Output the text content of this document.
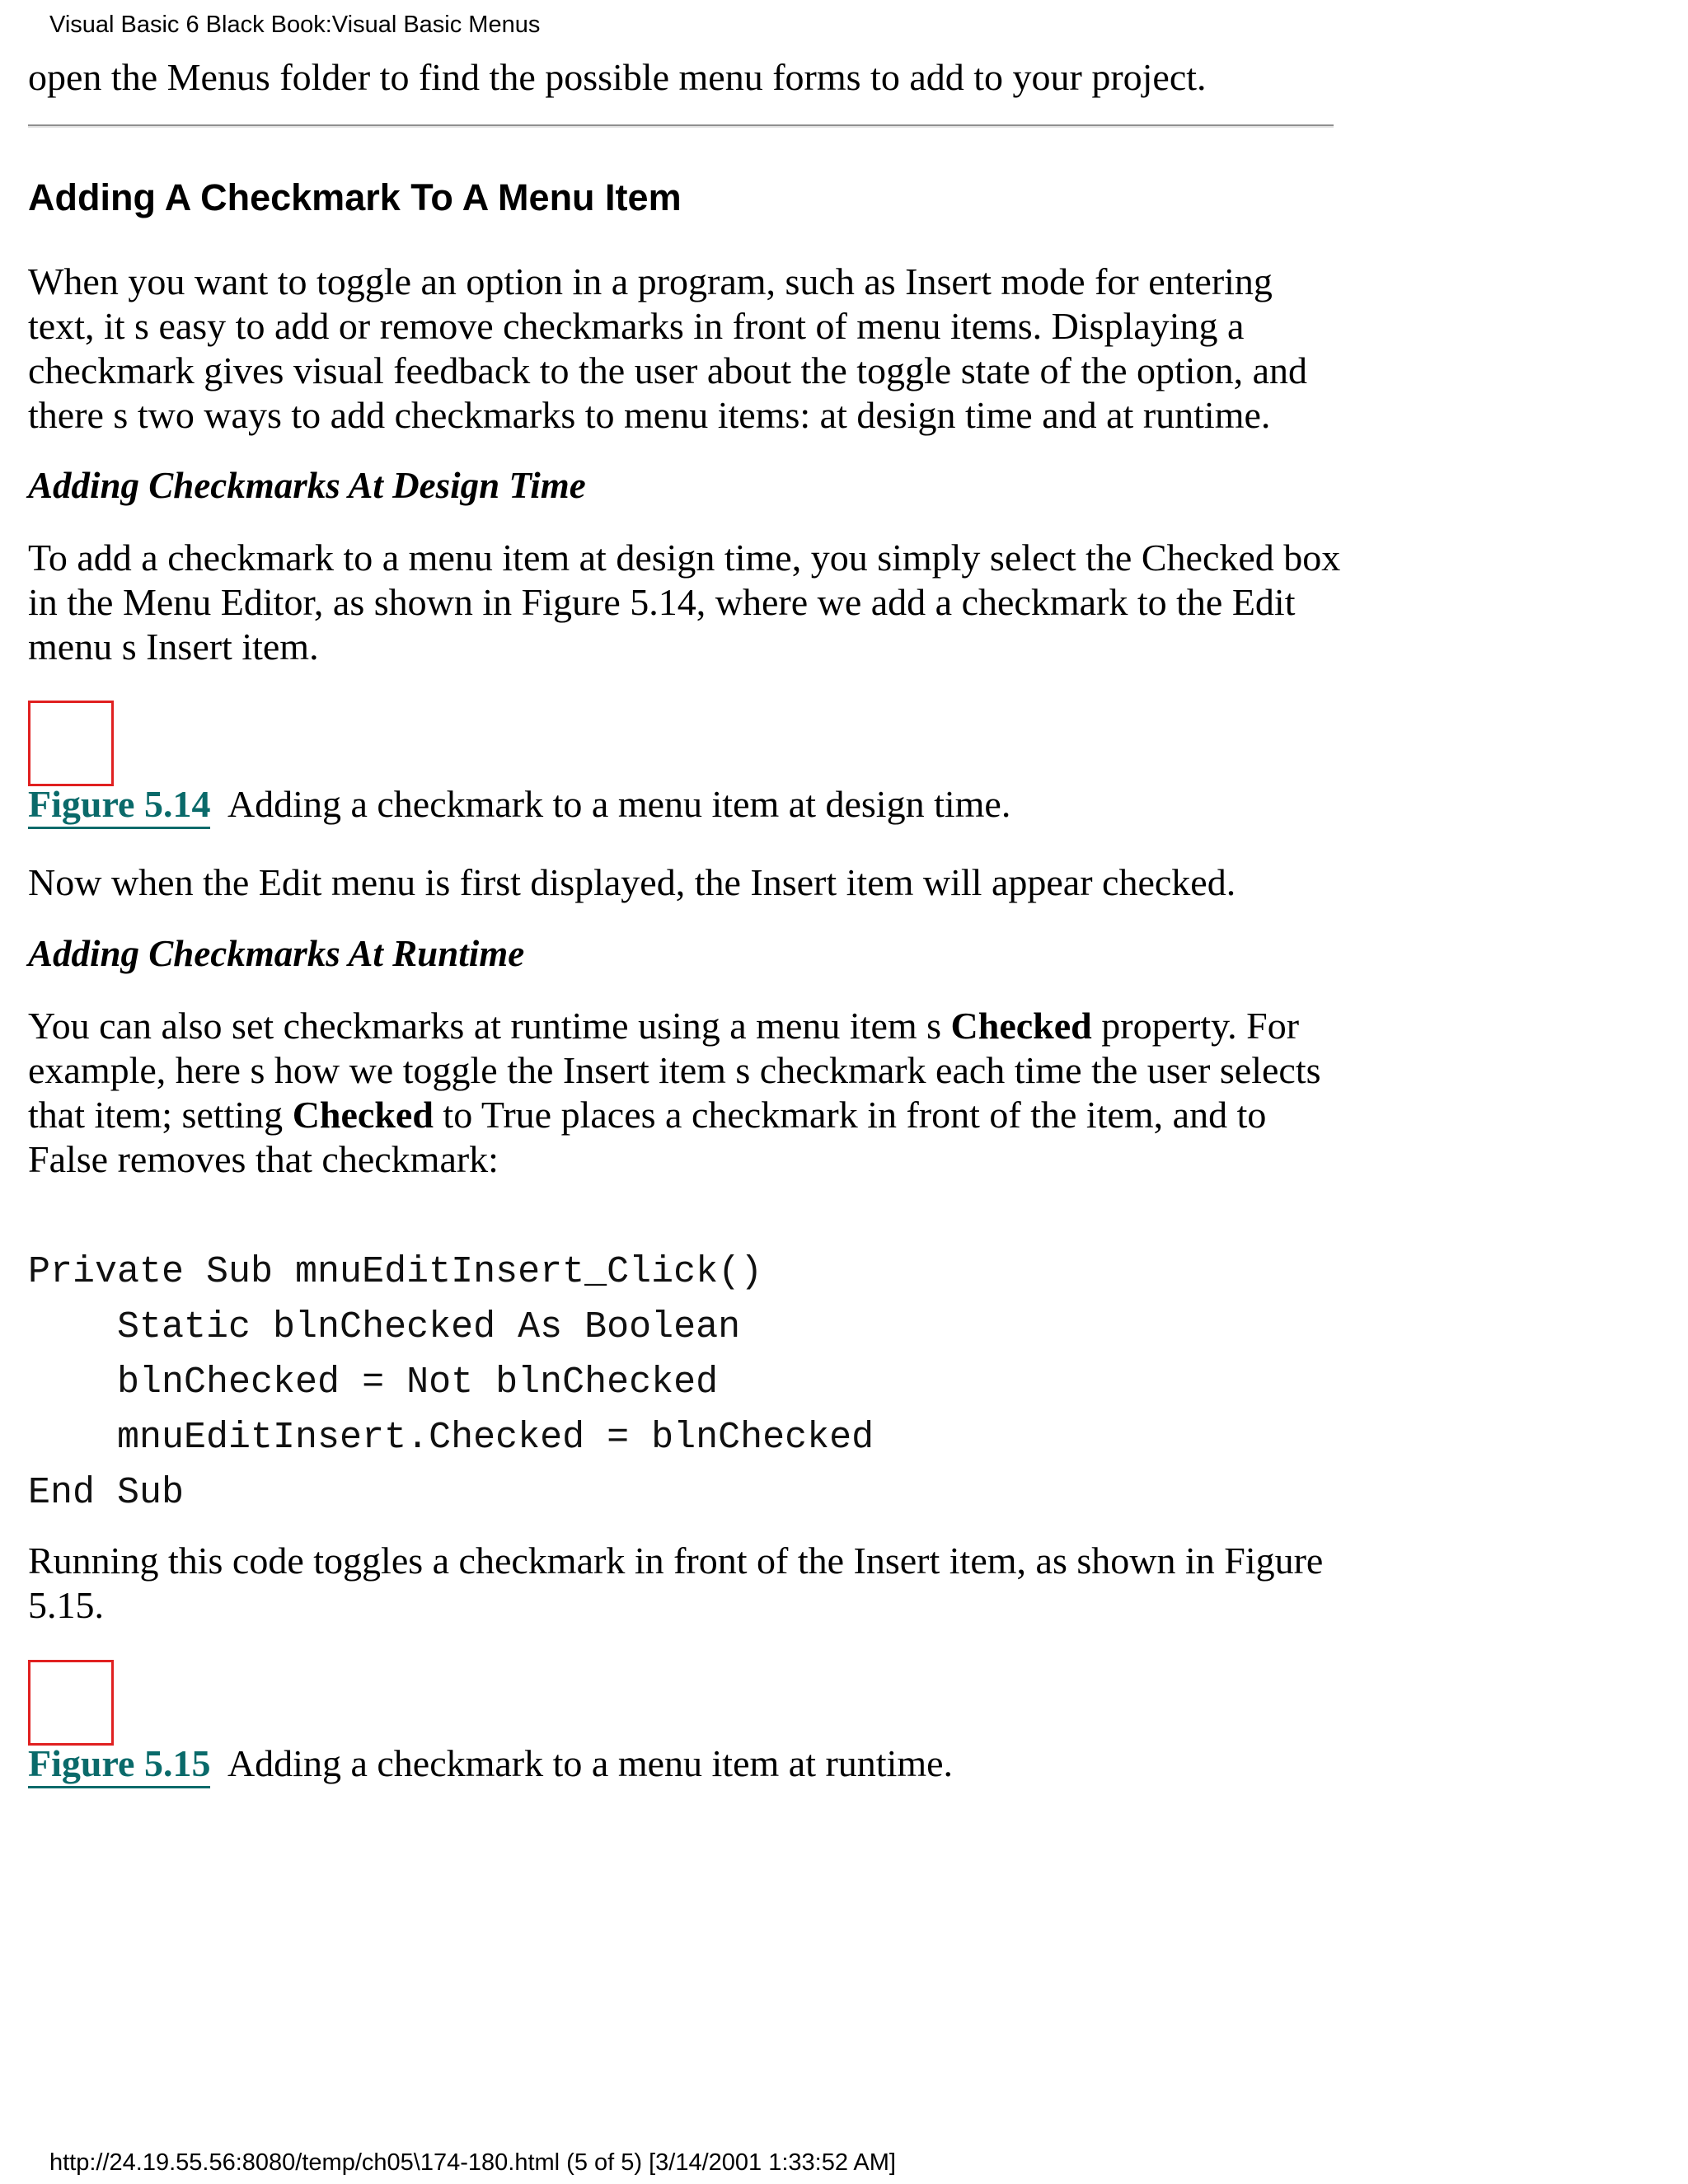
Visual Basic 6 Black Book:Visual Basic Menus

open the Menus folder to find the possible menu forms to add to your project.

Adding A Checkmark To A Menu Item

When you want to toggle an option in a program, such as Insert mode for entering text, it s easy to add or remove checkmarks in front of menu items. Displaying a checkmark gives visual feedback to the user about the toggle state of the option, and there s two ways to add checkmarks to menu items: at design time and at runtime.

Adding Checkmarks At Design Time

To add a checkmark to a menu item at design time, you simply select the Checked box in the Menu Editor, as shown in Figure 5.14, where we add a checkmark to the Edit menu s Insert item.

Figure 5.14 Adding a checkmark to a menu item at design time.

Now when the Edit menu is first displayed, the Insert item will appear checked.

Adding Checkmarks At Runtime

You can also set checkmarks at runtime using a menu item s Checked property. For example, here s how we toggle the Insert item s checkmark each time the user selects that item; setting Checked to True places a checkmark in front of the item, and to False removes that checkmark:

Private Sub mnuEditInsert_Click()
Static blnChecked As Boolean
blnChecked = Not blnChecked
mnuEditInsert.Checked = blnChecked
End Sub

Running this code toggles a checkmark in front of the Insert item, as shown in Figure 5.15.

Figure 5.15 Adding a checkmark to a menu item at runtime.
http://24.19.55.56:8080/temp/ch05\174-180.html (5 of 5) [3/14/2001 1:33:52 AM]
